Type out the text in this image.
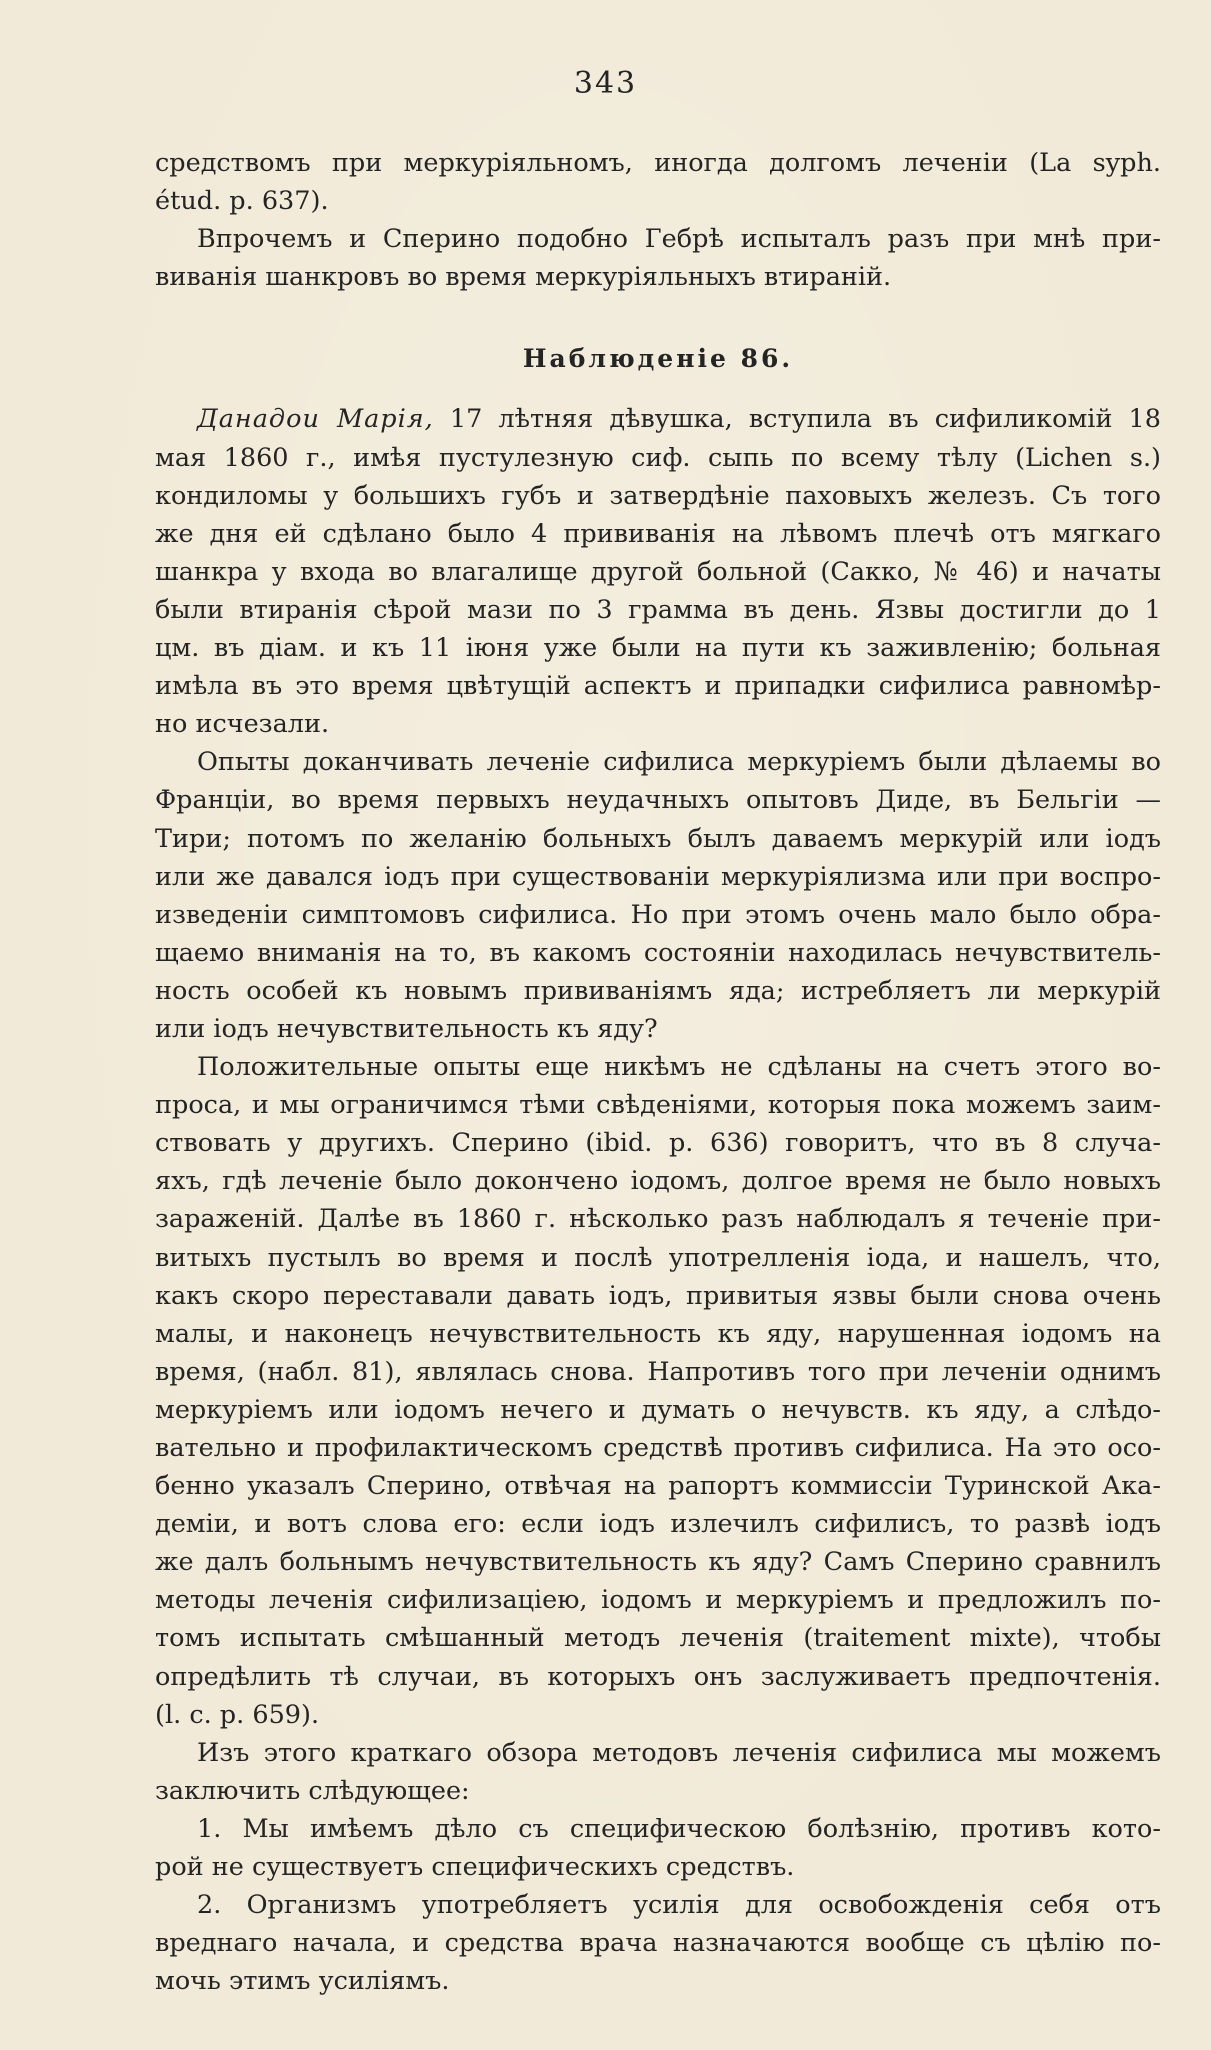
343
средствомъ при меркуріяльномъ, иногда долгомъ леченіи (La syph.
étud. p. 637).
Впрочемъ и Сперино подобно Гебрѣ испыталъ разъ при мнѣ при-
виванія шанкровъ во время меркуріяльныхъ втираній.
Наблюденіе 86.
Данадои Марія, 17 лѣтняя дѣвушка, вступила въ сифиликомій 18
мая 1860 г., имѣя пустулезную сиф. сыпь по всему тѣлу (Lichen s.)
кондиломы у большихъ губъ и затвердѣніе паховыхъ железъ. Съ того
же дня ей сдѣлано было 4 прививанія на лѣвомъ плечѣ отъ мягкаго
шанкра у входа во влагалище другой больной (Сакко, № 46) и начаты
были втиранія сѣрой мази по 3 грамма въ день. Язвы достигли до 1
цм. въ діам. и къ 11 іюня уже были на пути къ заживленію; больная
имѣла въ это время цвѣтущій аспектъ и припадки сифилиса равномѣр-
но исчезали.
Опыты доканчивать леченіе сифилиса меркуріемъ были дѣлаемы во
Франціи, во время первыхъ неудачныхъ опытовъ Диде, въ Бельгіи —
Тири; потомъ по желанію больныхъ былъ даваемъ меркурій или іодъ
или же давался іодъ при существованіи меркуріялизма или при воспро-
изведеніи симптомовъ сифилиса. Но при этомъ очень мало было обра-
щаемо вниманія на то, въ какомъ состояніи находилась нечувствитель-
ность особей къ новымъ прививаніямъ яда; истребляетъ ли меркурій
или іодъ нечувствительность къ яду?
Положительные опыты еще никѣмъ не сдѣланы на счетъ этого во-
проса, и мы ограничимся тѣми свѣденіями, которыя пока можемъ заим-
ствовать у другихъ. Сперино (ibid. p. 636) говоритъ, что въ 8 случа-
яхъ, гдѣ леченіе было докончено іодомъ, долгое время не было новыхъ
зараженій. Далѣе въ 1860 г. нѣсколько разъ наблюдалъ я теченіе при-
витыхъ пустылъ во время и послѣ употрелленія іода, и нашелъ, что,
какъ скоро переставали давать іодъ, привитыя язвы были снова очень
малы, и наконецъ нечувствительность къ яду, нарушенная іодомъ на
время, (набл. 81), являлась снова. Напротивъ того при леченіи однимъ
меркуріемъ или іодомъ нечего и думать о нечувств. къ яду, а слѣдо-
вательно и профилактическомъ средствѣ противъ сифилиса. На это осо-
бенно указалъ Сперино, отвѣчая на рапортъ коммиссіи Туринской Ака-
деміи, и вотъ слова его: если іодъ излечилъ сифилисъ, то развѣ іодъ
же далъ больнымъ нечувствительность къ яду? Самъ Сперино сравнилъ
методы леченія сифилизаціею, іодомъ и меркуріемъ и предложилъ по-
томъ испытать смѣшанный методъ леченія (traitement mixte), чтобы
опредѣлить тѣ случаи, въ которыхъ онъ заслуживаетъ предпочтенія.
(l. c. p. 659).
Изъ этого краткаго обзора методовъ леченія сифилиса мы можемъ
заключить слѣдующее:
1. Мы имѣемъ дѣло съ специфическою болѣзнію, противъ кото-
рой не существуетъ специфическихъ средствъ.
2. Организмъ употребляетъ усилія для освобожденія себя отъ
вреднаго начала, и средства врача назначаются вообще съ цѣлію по-
мочь этимъ усиліямъ.
